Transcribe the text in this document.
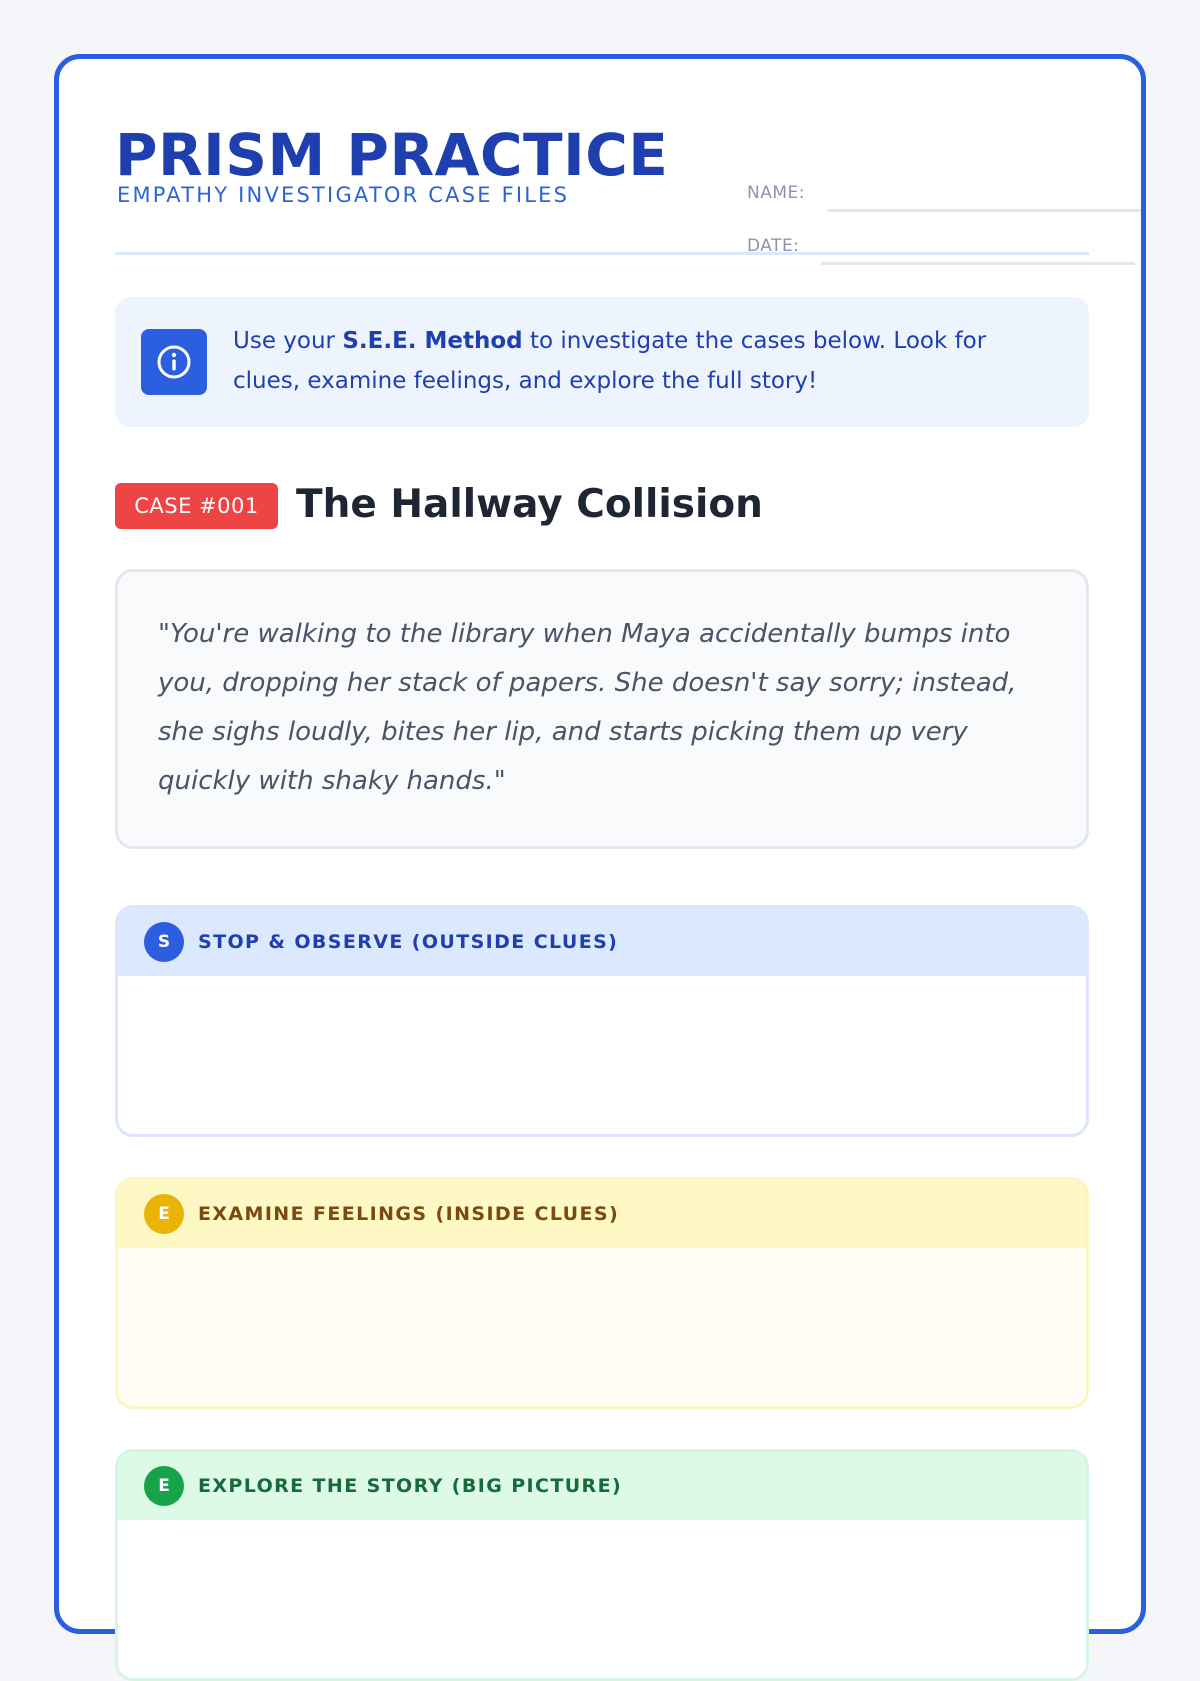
PRISM PRACTICE
EMPATHY INVESTIGATOR CASE FILES	NAME:
DATE:
Use your S.E.E. Method to investigate the cases below. Look for clues, examine feelings, and explore the full story!
CASE #001 The Hallway Collision
"You're walking to the library when Maya accidentally bumps into you, dropping her stack of papers. She doesn't say sorry; instead, she sighs loudly, bites her lip, and starts picking them up very quickly with shaky hands."
S	STOP & OBSERVE (OUTSIDE CLUES)
E	EXAMINE FEELINGS (INSIDE CLUES)
E	EXPLORE THE STORY (BIG PICTURE)
